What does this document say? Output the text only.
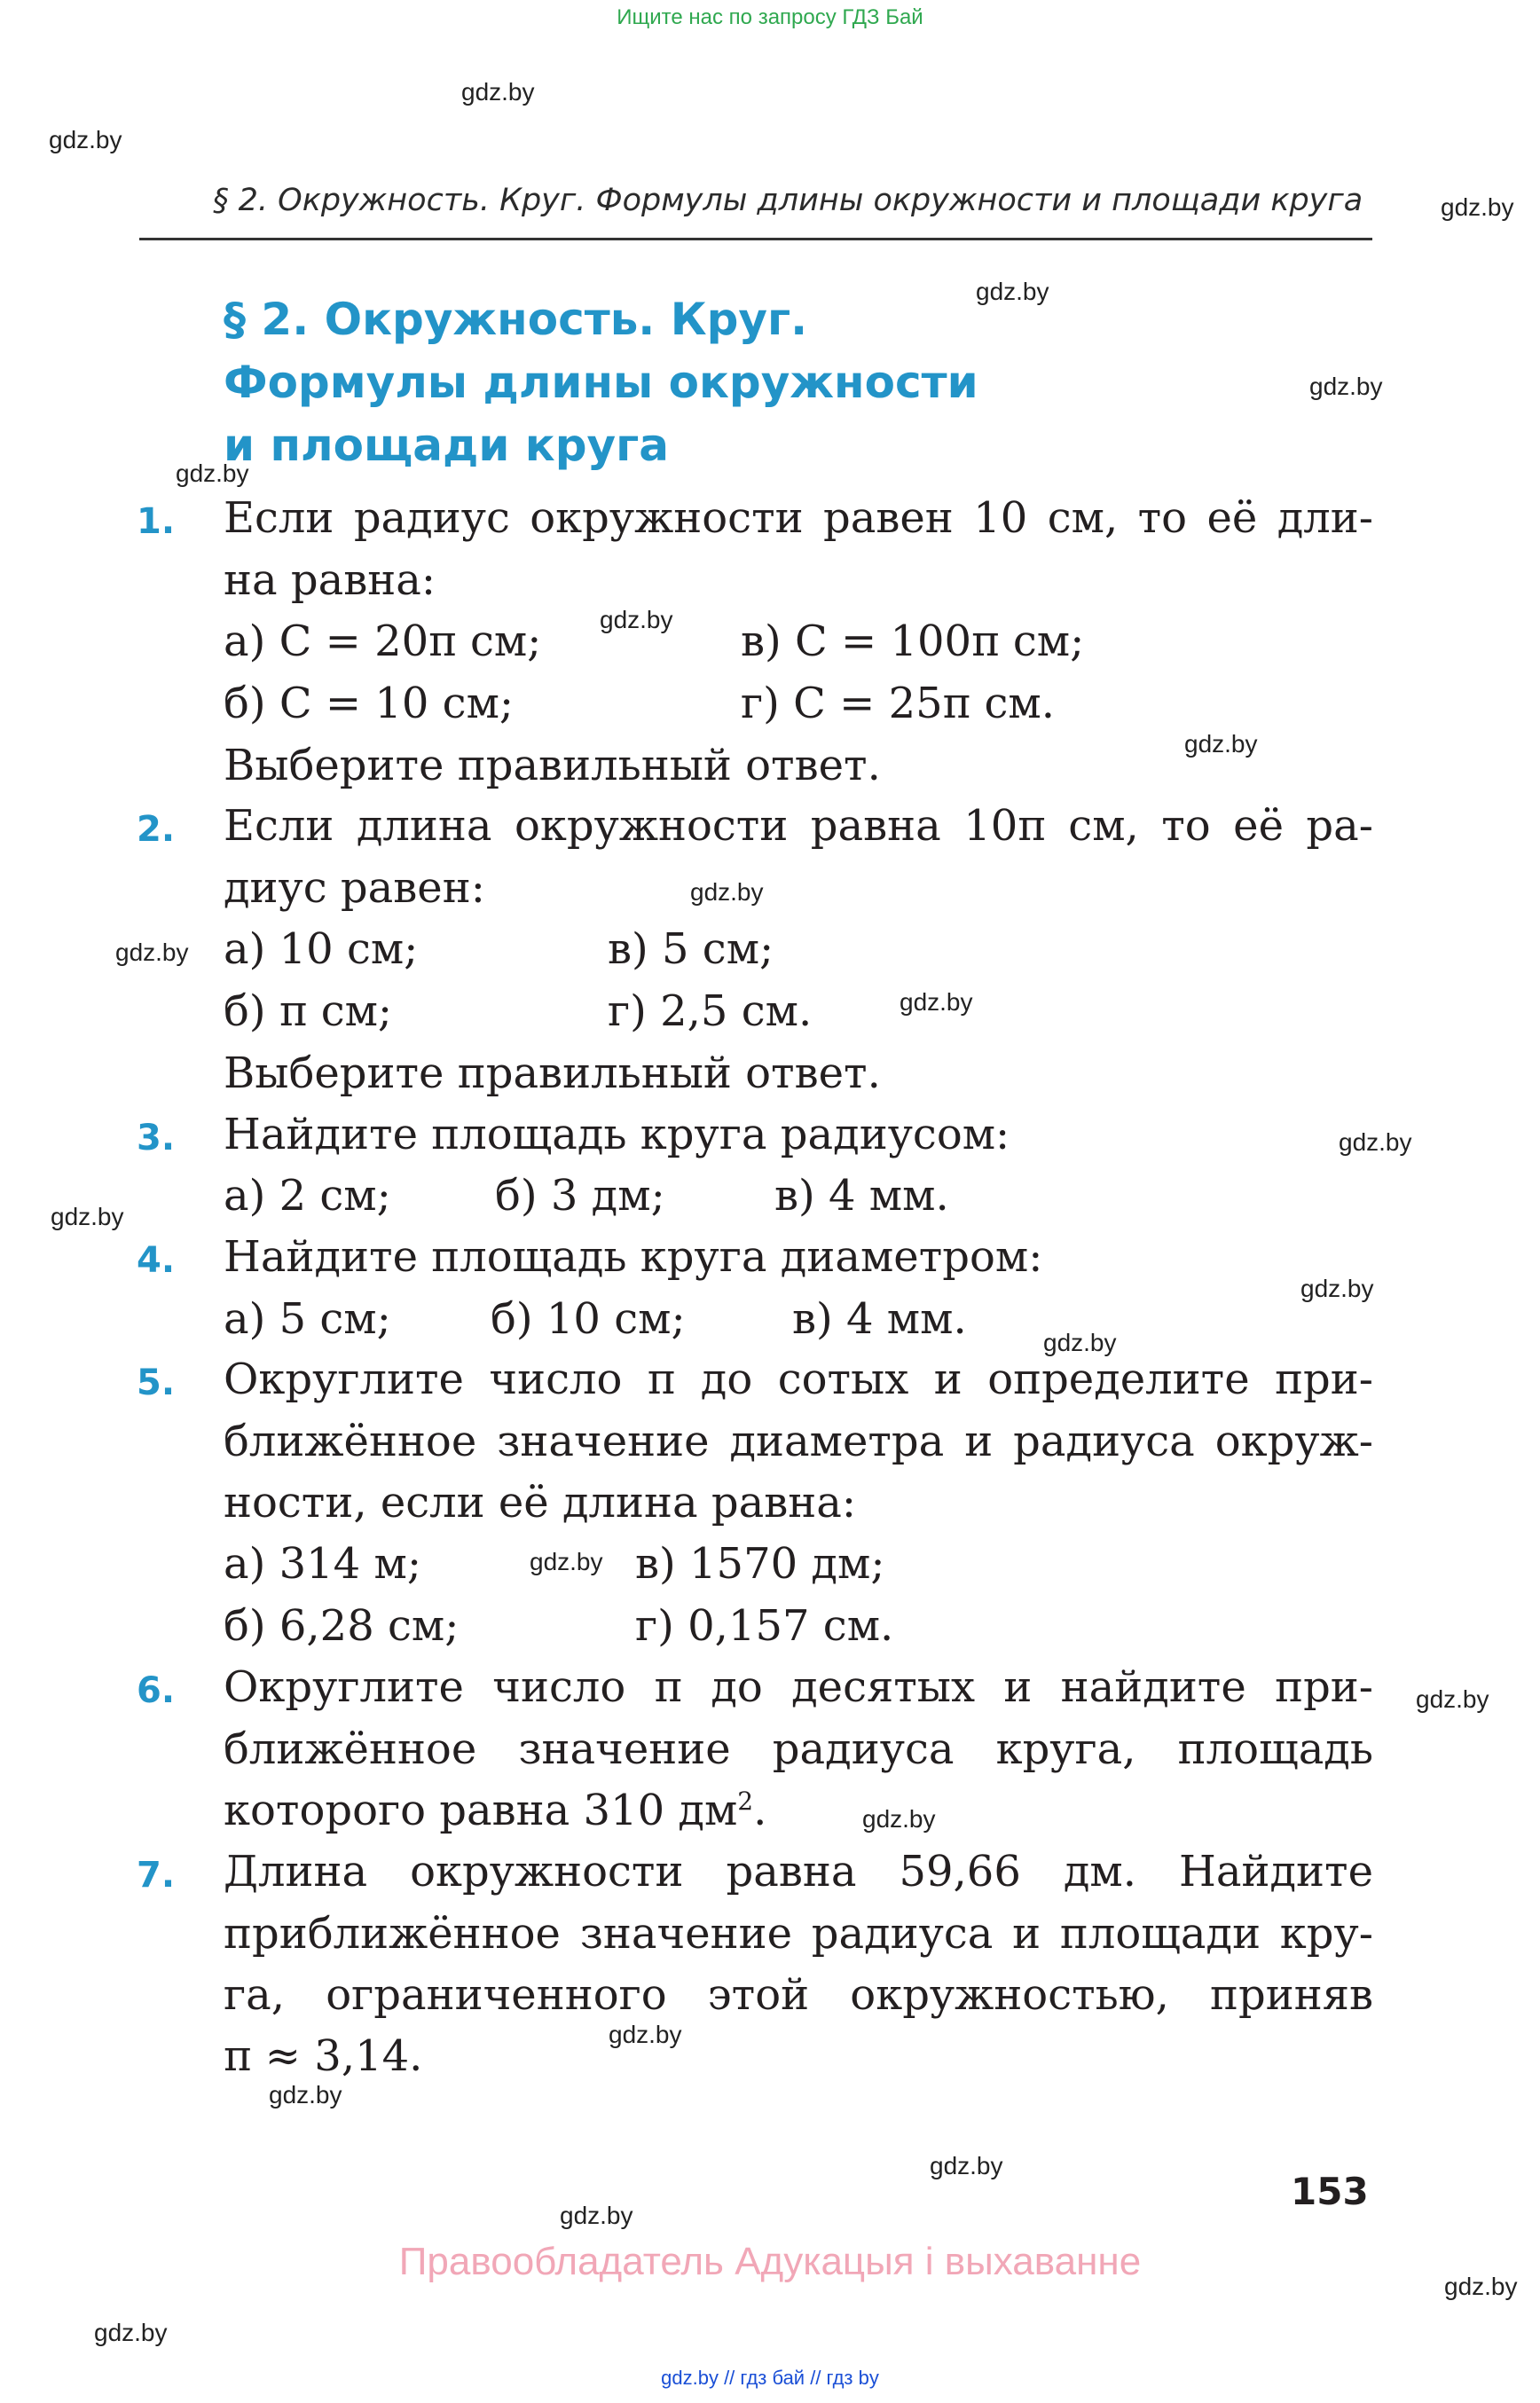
Ищите нас по запросу ГДЗ Бай
§ 2. Окружность. Круг. Формулы длины окружности и площади круга
§ 2. Окружность. Круг.
Формулы длины окружности
и площади круга
1. Если радиус окружности равен 10 см, то её дли-
на равна:
а) C = 20π см;	в) C = 100π см;
б) C = 10 см;	г) C = 25π см.
Выберите правильный ответ.
2. Если длина окружности равна 10π см, то её ра-
диус равен:
а) 10 см;	в) 5 см;
б) π см;	г) 2,5 см.
Выберите правильный ответ.
3. Найдите площадь круга радиусом:
а) 2 см; б) 3 дм;	в) 4 мм.
4. Найдите площадь круга диаметром:
а) 5 см; б) 10 см;	в) 4 мм.
5. Округлите число π до сотых и определите при-
ближённое значение диаметра и радиуса окруж-
ности, если её длина равна:
а) 314 м;	в) 1570 дм;
б) 6,28 см;	г) 0,157 см.
6. Округлите число π до десятых и найдите при-
ближённое значение радиуса круга, площадь
которого равна 310 $дм^2$.
7. Длина окружности равна 59,66 дм. Найдите
приближённое значение радиуса и площади кру-
га, ограниченного этой окружностью, приняв
π ≈ 3,14.
gdz.by
gdz.by
gdz.by
gdz.by
gdz.by
gdz.by
gdz.by
gdz.by
gdz.by
gdz.by
gdz.by
gdz.by
gdz.by
gdz.by
gdz.by
gdz.by
gdz.by
gdz.by
gdz.by
gdz.by
gdz.by
gdz.by
gdz.by
gdz.by
153
Правообладатель Адукацыя і выхаванне
gdz.by // гдз бай // гдз by
